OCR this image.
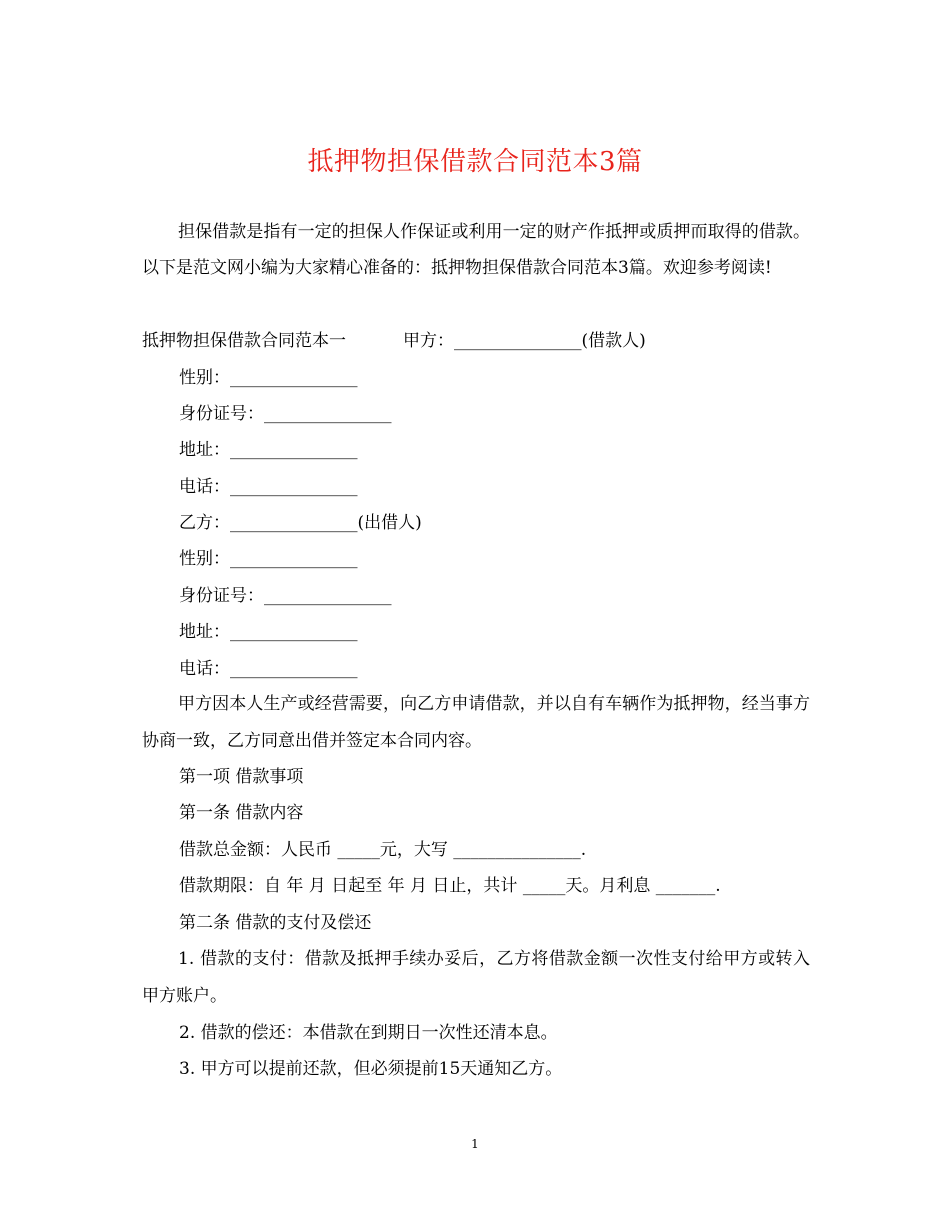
抵押物担保借款合同范本3篇
担保借款是指有一定的担保人作保证或利用一定的财产作抵押或质押而取得的借款。以下是范文网小编为大家精心准备的：抵押物担保借款合同范本3篇。欢迎参考阅读!
抵押物担保借款合同范本一	甲方：_______________(借款人)
性别：_______________
身份证号：_______________
地址：_______________
电话：_______________
乙方：_______________(出借人)
性别：_______________
身份证号：_______________
地址：_______________
电话：_______________
甲方因本人生产或经营需要，向乙方申请借款，并以自有车辆作为抵押物，经当事方协商一致，乙方同意出借并签定本合同内容。
第一项 借款事项
第一条 借款内容
借款总金额：人民币 _____元，大写 _______________.
借款期限：自 年 月 日起至 年 月 日止，共计 _____天。月利息 _______.
第二条 借款的支付及偿还
1. 借款的支付：借款及抵押手续办妥后，乙方将借款金额一次性支付给甲方或转入甲方账户。
2. 借款的偿还：本借款在到期日一次性还清本息。
3. 甲方可以提前还款，但必须提前15天通知乙方。
1
